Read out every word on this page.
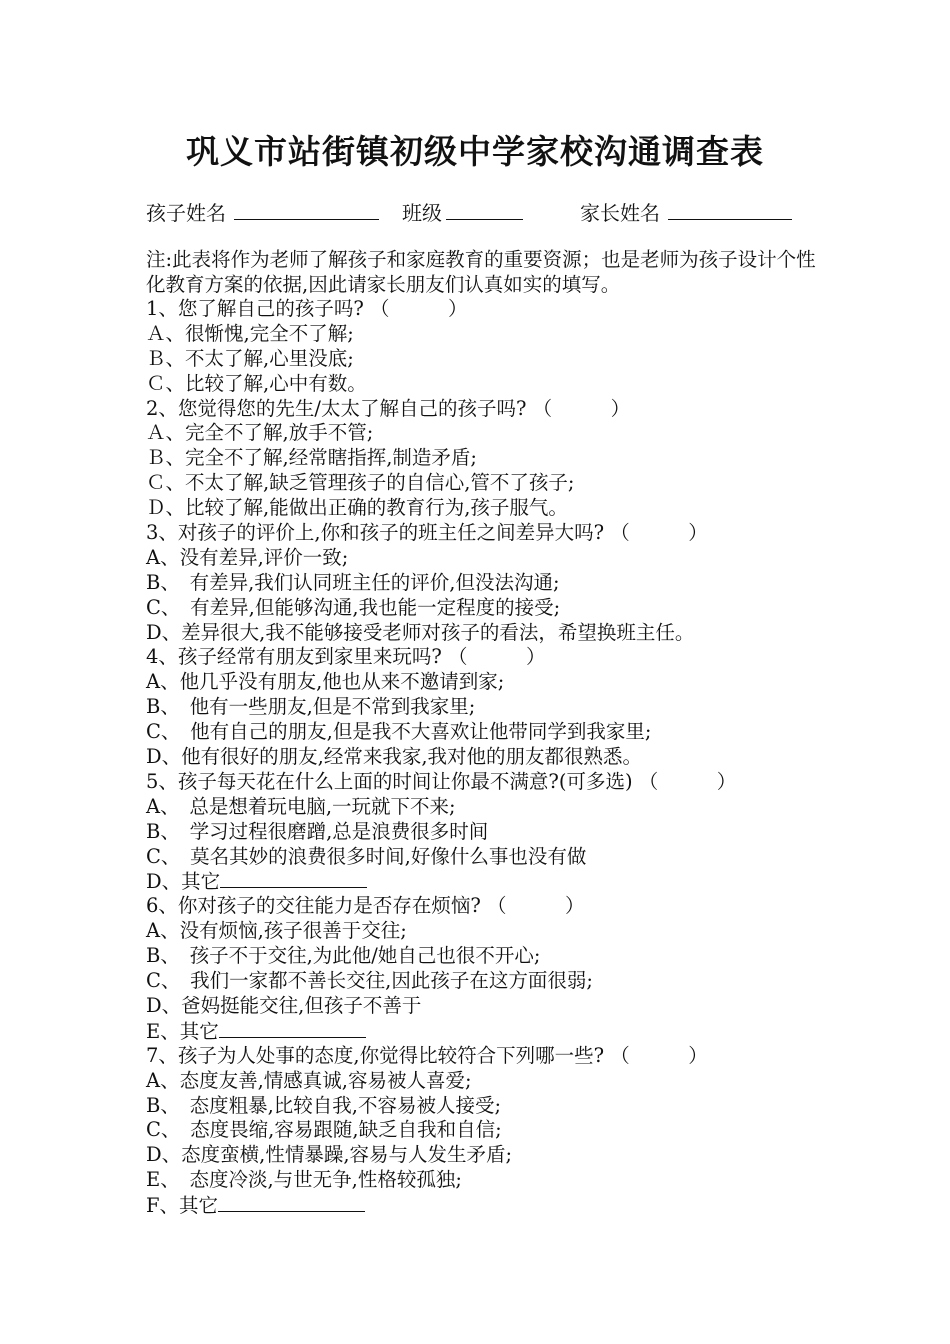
巩义市站街镇初级中学家校沟通调查表
孩子姓名	班级	家长姓名
注:此表将作为老师了解孩子和家庭教育的重要资源；也是老师为孩子设计个性 化教育方案的依据,因此请家长朋友们认真如实的填写。
1、您了解自己的孩子吗? （　　　）
Ａ、很惭愧,完全不了解;
Ｂ、不太了解,心里没底;
Ｃ、比较了解,心中有数。
2、您觉得您的先生/太太了解自己的孩子吗? （　　　）
Ａ、完全不了解,放手不管;
Ｂ、完全不了解,经常瞎指挥,制造矛盾;
Ｃ、不太了解,缺乏管理孩子的自信心,管不了孩子;
Ｄ、比较了解,能做出正确的教育行为,孩子服气。
3、对孩子的评价上,你和孩子的班主任之间差异大吗? （　　　）
A、没有差异,评价一致;
B、　有差异,我们认同班主任的评价,但没法沟通;
C、　有差异,但能够沟通,我也能一定程度的接受;
D、差异很大,我不能够接受老师对孩子的看法，希望换班主任。
4、孩子经常有朋友到家里来玩吗? （　　　）
A、他几乎没有朋友,他也从来不邀请到家;
B、　他有一些朋友,但是不常到我家里;
C、　他有自己的朋友,但是我不大喜欢让他带同学到我家里;
D、他有很好的朋友,经常来我家,我对他的朋友都很熟悉。
5、孩子每天花在什么上面的时间让你最不满意?(可多选) （　　　）
A、　总是想着玩电脑,一玩就下不来;
B、　学习过程很磨蹭,总是浪费很多时间
C、　莫名其妙的浪费很多时间,好像什么事也没有做
D、其它
6、你对孩子的交往能力是否存在烦恼? （　　　）
A、没有烦恼,孩子很善于交往;
B、　孩子不于交往,为此他/她自己也很不开心;
C、　我们一家都不善长交往,因此孩子在这方面很弱;
D、爸妈挺能交往,但孩子不善于
E、其它
7、孩子为人处事的态度,你觉得比较符合下列哪一些? （　　　）
A、态度友善,情感真诚,容易被人喜爱;
B、　态度粗暴,比较自我,不容易被人接受;
C、　态度畏缩,容易跟随,缺乏自我和自信;
D、态度蛮横,性情暴躁,容易与人发生矛盾;
E、　态度冷淡,与世无争,性格较孤独;
F、其它
